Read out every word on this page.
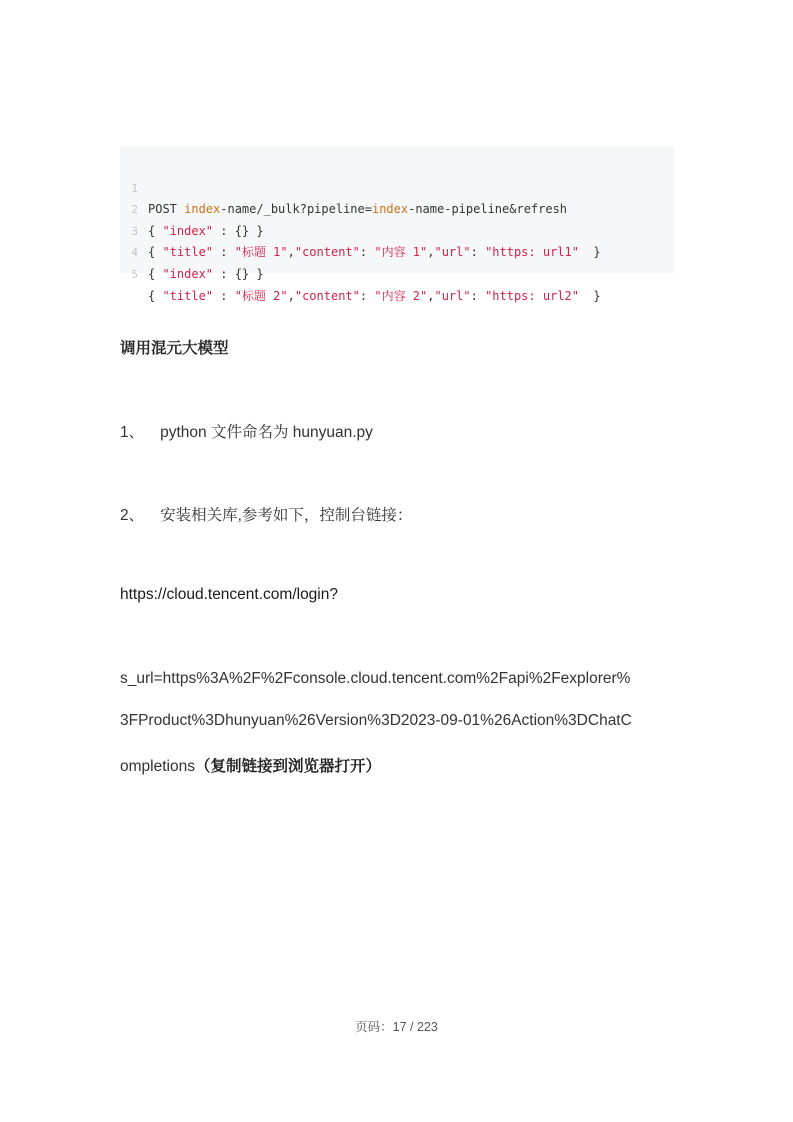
1

POST index-name/_bulk?pipeline=index-name-pipeline&refresh

2

{ "index" : {} }

3

{ "title" : "标题 1","content": "内容 1","url": "https: url1"  }

4

{ "index" : {} }

5

{ "title" : "标题 2","content": "内容 2","url": "https: url2"  }

调用混元大模型

1、 python 文件命名为 hunyuan.py

2、 安装相关库,参考如下，控制台链接：

https://cloud.tencent.com/login?

s_url=https%3A%2F%2Fconsole.cloud.tencent.com%2Fapi%2Fexplorer%

3FProduct%3Dhunyuan%26Version%3D2023-09-01%26Action%3DChatC

ompletions（复制链接到浏览器打开）

页码：17 / 223
